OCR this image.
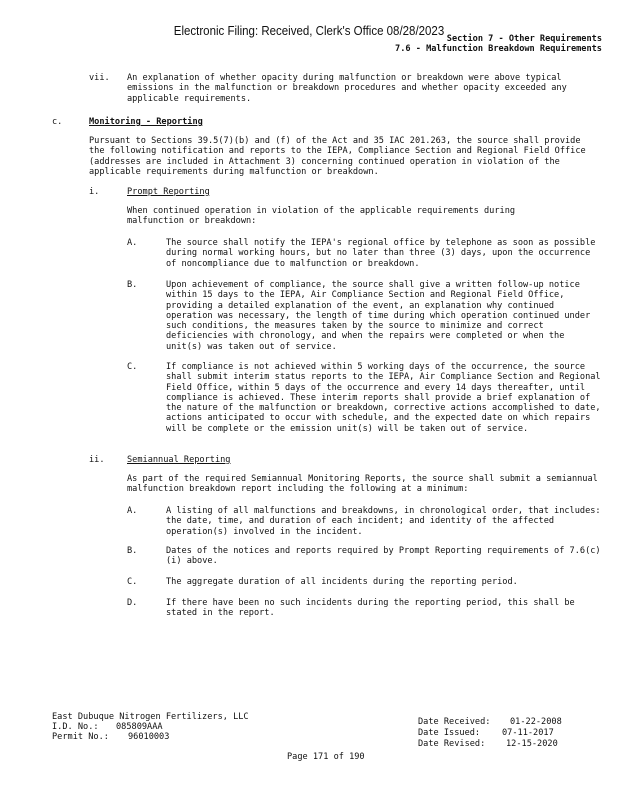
Electronic Filing: Received, Clerk's Office 08/28/2023
Section 7 - Other Requirements
7.6 - Malfunction Breakdown Requirements
vii. An explanation of whether opacity during malfunction or breakdown were above typical emissions in the malfunction or breakdown procedures and whether opacity exceeded any applicable requirements.
c.	Monitoring - Reporting
Pursuant to Sections 39.5(7)(b) and (f) of the Act and 35 IAC 201.263, the source shall provide the following notification and reports to the IEPA, Compliance Section and Regional Field Office (addresses are included in Attachment 3) concerning continued operation in violation of the applicable requirements during malfunction or breakdown.
i.	Prompt Reporting
When continued operation in violation of the applicable requirements during malfunction or breakdown:
A.	The source shall notify the IEPA's regional office by telephone as soon as possible during normal working hours, but no later than three (3) days, upon the occurrence of noncompliance due to malfunction or breakdown.
B.	Upon achievement of compliance, the source shall give a written follow-up notice within 15 days to the IEPA, Air Compliance Section and Regional Field Office, providing a detailed explanation of the event, an explanation why continued operation was necessary, the length of time during which operation continued under such conditions, the measures taken by the source to minimize and correct deficiencies with chronology, and when the repairs were completed or when the unit(s) was taken out of service.
C.	If compliance is not achieved within 5 working days of the occurrence, the source shall submit interim status reports to the IEPA, Air Compliance Section and Regional Field Office, within 5 days of the occurrence and every 14 days thereafter, until compliance is achieved. These interim reports shall provide a brief explanation of the nature of the malfunction or breakdown, corrective actions accomplished to date, actions anticipated to occur with schedule, and the expected date on which repairs will be complete or the emission unit(s) will be taken out of service.
ii.	Semiannual Reporting
As part of the required Semiannual Monitoring Reports, the source shall submit a semiannual malfunction breakdown report including the following at a minimum:
A.	A listing of all malfunctions and breakdowns, in chronological order, that includes: the date, time, and duration of each incident; and identity of the affected operation(s) involved in the incident.
B.	Dates of the notices and reports required by Prompt Reporting requirements of 7.6(c)(i) above.
C.	The aggregate duration of all incidents during the reporting period.
D.	If there have been no such incidents during the reporting period, this shall be stated in the report.
East Dubuque Nitrogen Fertilizers, LLC
I.D. No.: 085809AAA
Permit No.: 96010003
Date Received: 01-22-2008
Date Issued:	07-11-2017
Date Revised: 12-15-2020
Page 171 of 190
